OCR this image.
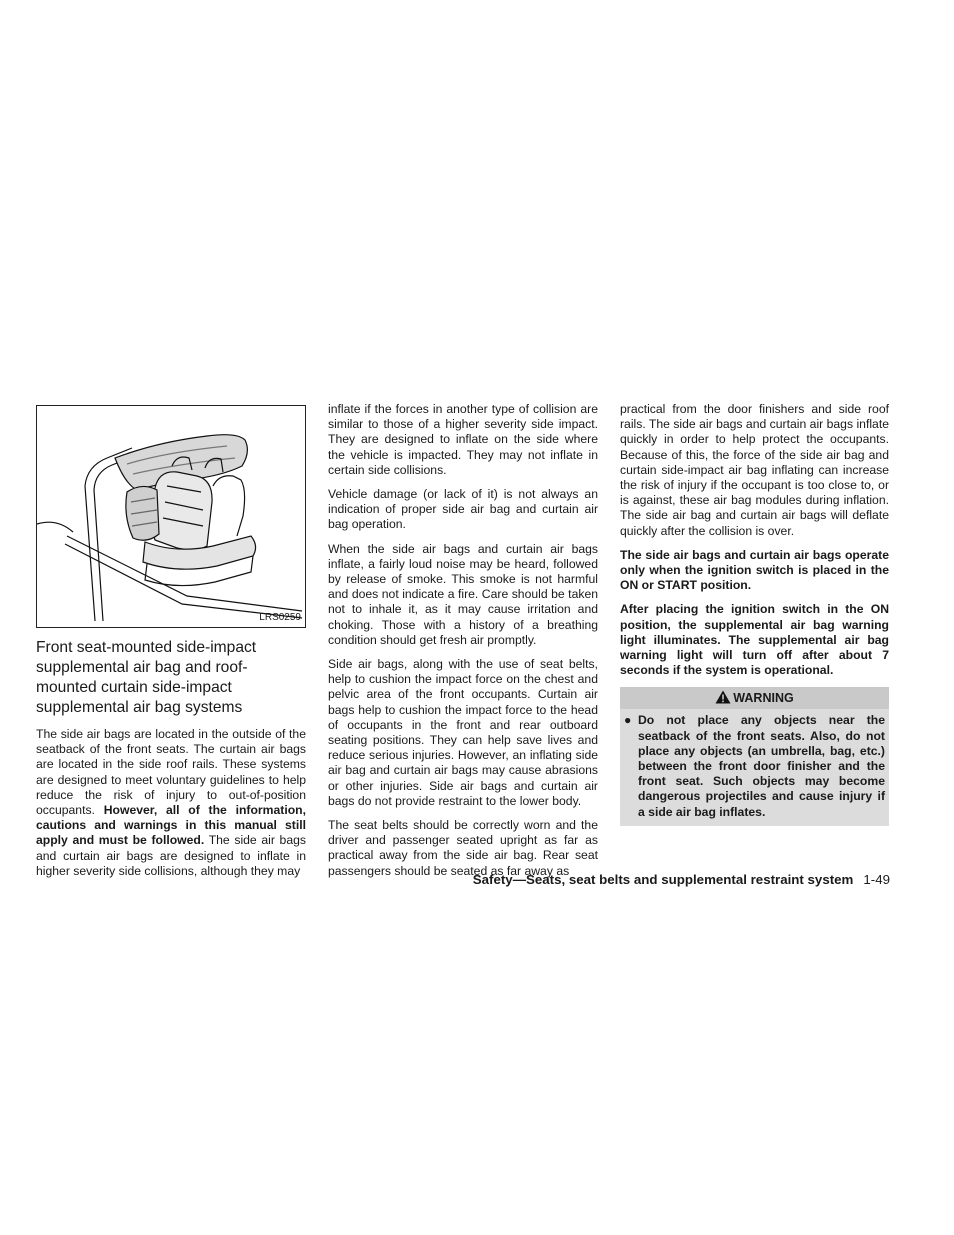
LRS0259
Front seat-mounted side-impact supplemental air bag and roof-mounted curtain side-impact supplemental air bag systems

The side air bags are located in the outside of the seatback of the front seats. The curtain air bags are located in the side roof rails. These systems are designed to meet voluntary guidelines to help reduce the risk of injury to out-of-position occupants. However, all of the information, cautions and warnings in this manual still apply and must be followed. The side air bags and curtain air bags are designed to inflate in higher severity side collisions, although they may

inflate if the forces in another type of collision are similar to those of a higher severity side impact. They are designed to inflate on the side where the vehicle is impacted. They may not inflate in certain side collisions.

Vehicle damage (or lack of it) is not always an indication of proper side air bag and curtain air bag operation.

When the side air bags and curtain air bags inflate, a fairly loud noise may be heard, followed by release of smoke. This smoke is not harmful and does not indicate a fire. Care should be taken not to inhale it, as it may cause irritation and choking. Those with a history of a breathing condition should get fresh air promptly.

Side air bags, along with the use of seat belts, help to cushion the impact force on the chest and pelvic area of the front occupants. Curtain air bags help to cushion the impact force to the head of occupants in the front and rear outboard seating positions. They can help save lives and reduce serious injuries. However, an inflating side air bag and curtain air bags may cause abrasions or other injuries. Side air bags and curtain air bags do not provide restraint to the lower body.

The seat belts should be correctly worn and the driver and passenger seated upright as far as practical away from the side air bag. Rear seat passengers should be seated as far away as

practical from the door finishers and side roof rails. The side air bags and curtain air bags inflate quickly in order to help protect the occupants. Because of this, the force of the side air bag and curtain side-impact air bag inflating can increase the risk of injury if the occupant is too close to, or is against, these air bag modules during inflation. The side air bag and curtain air bags will deflate quickly after the collision is over.

The side air bags and curtain air bags operate only when the ignition switch is placed in the ON or START position.

After placing the ignition switch in the ON position, the supplemental air bag warning light illuminates. The supplemental air bag warning light will turn off after about 7 seconds if the system is operational.

WARNING
● Do not place any objects near the seatback of the front seats. Also, do not place any objects (an umbrella, bag, etc.) between the front door finisher and the front seat. Such objects may become dangerous projectiles and cause injury if a side air bag inflates.
Safety—Seats, seat belts and supplemental restraint system 1-49
